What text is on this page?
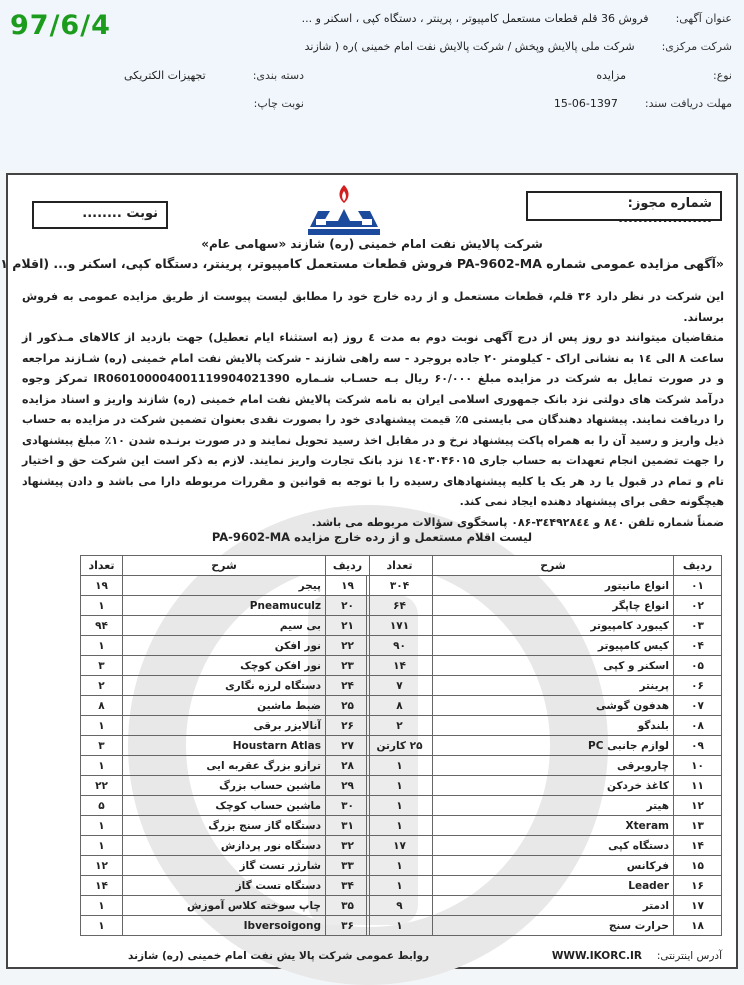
97/6/4	عنوان آگهی:  فروش 36 قلم قطعات مستعمل کامپیوتر ، پرینتر ، دستگاه کپی ، اسکنر و ...
شرکت مرکزی:  شرکت ملی پالایش وپخش / شرکت پالایش نفت امام خمینی )ره ( شازند
نوع:  مزایده
دسته بندی:  تجهیزات الکتریکی
مهلت دریافت سند:  1397-06-15
نوبت چاپ:
نوبت ........
شماره مجوز: ...................
شرکت پالایش نفت امام خمینی (ره) شازند «سهامی عام»
«آگهی مزایده عمومی شماره PA-9602-MA فروش قطعات مستعمل کامپیوتر، پرینتر، دستگاه کپی، اسکنر و... (اقلام ۱

این شرکت در نظر دارد ۳۶ قلم، قطعات مستعمل و از رده خارج خود را مطابق لیست پیوست از طریق مزایده عمومی به فروش برساند.

متقاضیان میتوانند دو روز پس از درج آگهی نوبت دوم به مدت ٤ روز (به استثناء ایام تعطیل) جهت بازدید از کالاهای مـذکور از ساعت ۸ الی ۱٤ به نشانی اراک - کیلومتر ۲۰ جاده بروجرد - سه راهی شازند - شرکت پالایش نفت امام خمینی (ره) شـازند مراجعه و در صورت تمایل به شرکت در مزایده مبلغ ۶۰/۰۰۰ ریال بـه حسـاب شـماره IR060100004001119904021390 تمرکز وجوه درآمد شرکت های دولتی نزد بانک جمهوری اسلامی ایران به نامه شرکت پالایش نفت امام خمینی (ره) شازند واریز و اسناد مزایده را دریافت نمایند. پیشنهاد دهندگان می بایستی ۵٪ قیمت پیشنهادی خود را بصورت نقدی بعنوان تضمین شرکت در مزایده به حساب ذیل واریز و رسید آن را به همراه پاکت پیشنهاد نرخ و در مقابل اخذ رسید تحویل نمایند و در صورت برنـده شدن ۱۰٪ مبلغ پیشنهادی را جهت تضمین انجام تعهدات به حساب جاری ۱٤۰۳۰۴۶۰۱۵ نزد بانک تجارت واریز نمایند. لازم به ذکر است این شرکت حق و اختیار تام و تمام در قبول یا رد هر یک یا کلیه پیشنهادهای رسیده را با توجه به قوانین و مقررات مربوطه دارا می باشد و دادن پیشنهاد هیچگونه حقی برای پیشنهاد دهنده ایجاد نمی کند.

ضمناً شماره تلفن ۸٤۰ و ۳٤۴۹۲۸٤٤-۰۸۶ پاسخگوی سؤالات مربوطه می باشد.

لیست اقلام مستعمل و از رده خارج مزایده PA-9602-MA
ردیف	شرح	تعداد
۰۱	انواع مانیتور	۳۰۴
۰۲	انواع چاپگر	۶۴
۰۳	کیبورد کامپیوتر	۱۷۱
۰۴	کیس کامپیوتر	۹۰
۰۵	اسکنر و کپی	۱۴
۰۶	پرینتر	۷
۰۷	هدفون گوشی	۸
۰۸	بلندگو	۲
۰۹	لوازم جانبی PC	۲۵ کارتن
۱۰	چاروبرقی	۱
۱۱	کاغذ خردکن	۱
۱۲	هیتر	۱
۱۳	Xteram	۱
۱۴	دستگاه کپی	۱۷
۱۵	فرکانس	۱
۱۶	Leader	۱
۱۷	ادمتر	۹
۱۸	حرارت سنج	۱
ردیف	شرح	تعداد
۱۹	پیجر	۱۹
۲۰	Pneamuculz	۱
۲۱	بی سیم	۹۴
۲۲	نور افکن	۱
۲۳	نور افکن کوچک	۳
۲۴	دستگاه لرزه نگاری	۲
۲۵	ضبط ماشین	۸
۲۶	آنالایزر برقی	۱
۲۷	Houstarn Atlas	۳
۲۸	ترازو بزرگ عقربه ایی	۱
۲۹	ماشین حساب بزرگ	۲۲
۳۰	ماشین حساب کوچک	۵
۳۱	دستگاه گاز سنج بزرگ	۱
۳۲	دستگاه نور پردازش	۱
۳۳	شارژر تست گاز	۱۲
۳۴	دستگاه تست گاز	۱۴
۳۵	چاپ سوخته کلاس آموزش	۱
۳۶	Ibversoigong	۱
روابط عمومی شرکت پالا یش نفت امام خمینی (ره) شازند	WWW.IKORC.IR آدرس اینترنتی:
